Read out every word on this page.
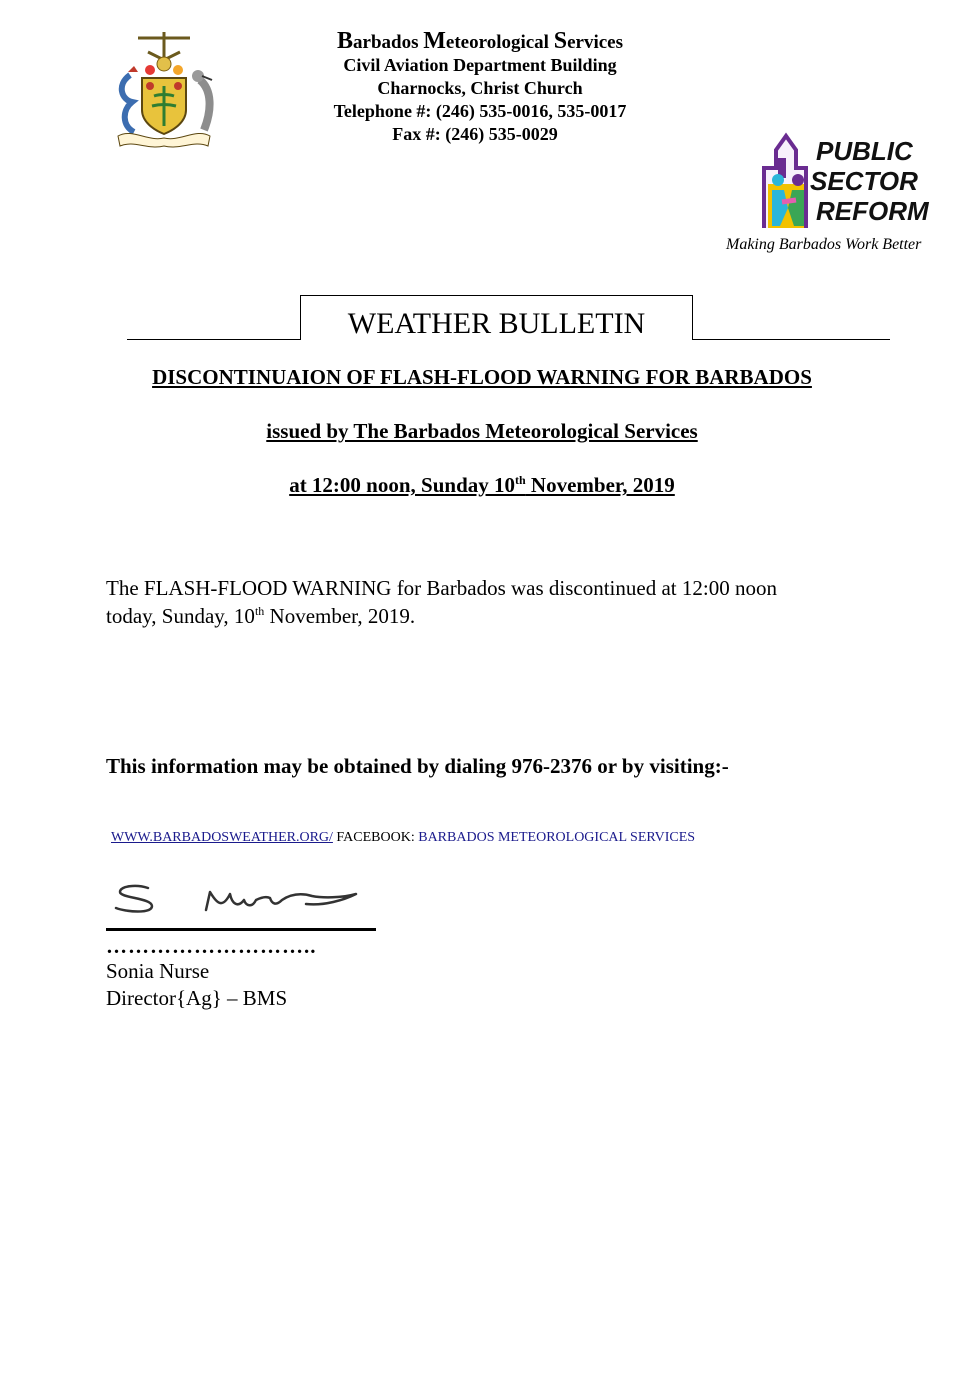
Barbados Meteorological Services
Civil Aviation Department Building
Charnocks, Christ Church
Telephone #: (246) 535-0016, 535-0017
Fax #: (246) 535-0029
PUBLIC
SECTOR
REFORM
Making Barbados Work Better
WEATHER BULLETIN
DISCONTINUAION OF FLASH-FLOOD WARNING FOR BARBADOS
issued by The Barbados Meteorological Services
at 12:00 noon, Sunday 10th November, 2019
The FLASH-FLOOD WARNING for Barbados was discontinued at 12:00 noon
today, Sunday, 10th November, 2019.
This information may be obtained by dialing 976-2376 or by visiting:-
WWW.BARBADOSWEATHER.ORG/ FACEBOOK: BARBADOS METEOROLOGICAL SERVICES
………………………..
Sonia Nurse
Director{Ag} – BMS
